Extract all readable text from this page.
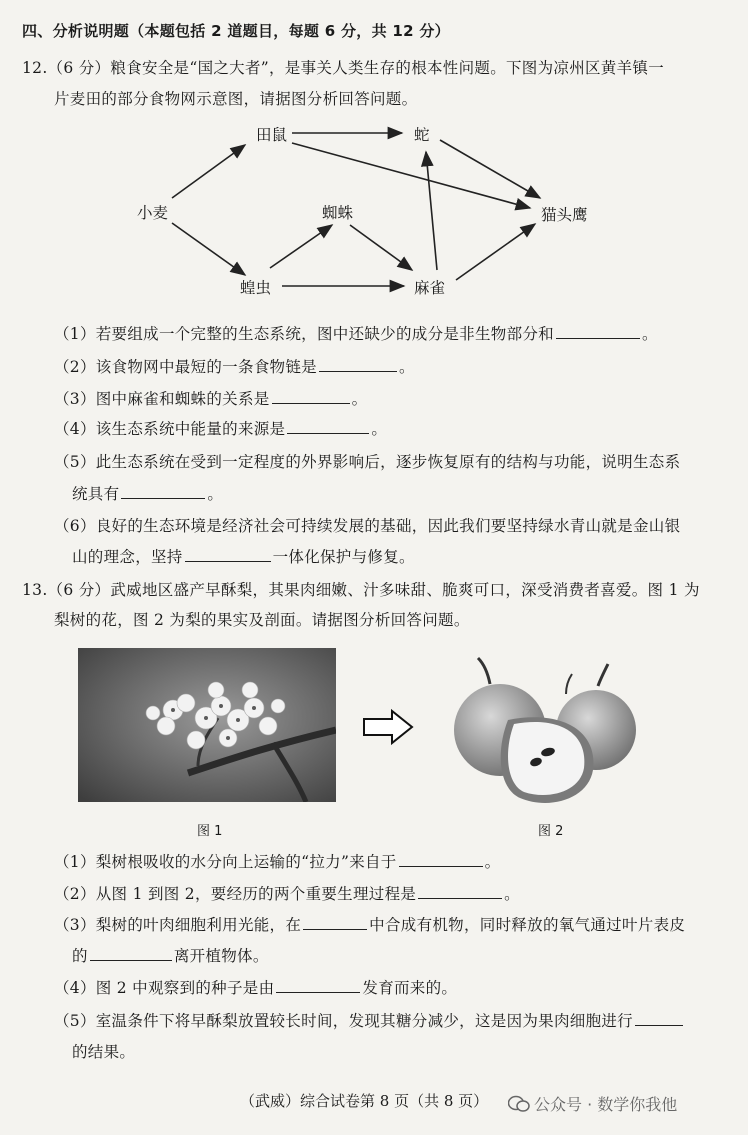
四、分析说明题（本题包括 2 道题目，每题 6 分，共 12 分）
12.（6 分）粮食安全是“国之大者”，是事关人类生存的根本性问题。下图为凉州区黄羊镇一
片麦田的部分食物网示意图，请据图分析回答问题。
小麦
田鼠	蛇
猫头鹰
蜘蛛
蝗虫	麻雀
（1）若要组成一个完整的生态系统，图中还缺少的成分是非生物部分和	。
（2）该食物网中最短的一条食物链是	。
（3）图中麻雀和蜘蛛的关系是	。
（4）该生态系统中能量的来源是	。
（5）此生态系统在受到一定程度的外界影响后，逐步恢复原有的结构与功能，说明生态系
统具有	。
（6）良好的生态环境是经济社会可持续发展的基础，因此我们要坚持绿水青山就是金山银
山的理念，坚持	一体化保护与修复。
13.（6 分）武威地区盛产早酥梨，其果肉细嫩、汁多味甜、脆爽可口，深受消费者喜爱。图 1 为
梨树的花，图 2 为梨的果实及剖面。请据图分析回答问题。
图 1	图 2
（1）梨树根吸收的水分向上运输的“拉力”来自于	。
（2）从图 1 到图 2，要经历的两个重要生理过程是	。
（3）梨树的叶肉细胞利用光能，在	中合成有机物，同时释放的氧气通过叶片表皮
的	离开植物体。
（4）图 2 中观察到的种子是由	发育而来的。
（5）室温条件下将早酥梨放置较长时间，发现其糖分减少，这是因为果肉细胞进行
的结果。
（武威）综合试卷第 8 页（共 8 页）	公众号 · 数学你我他
